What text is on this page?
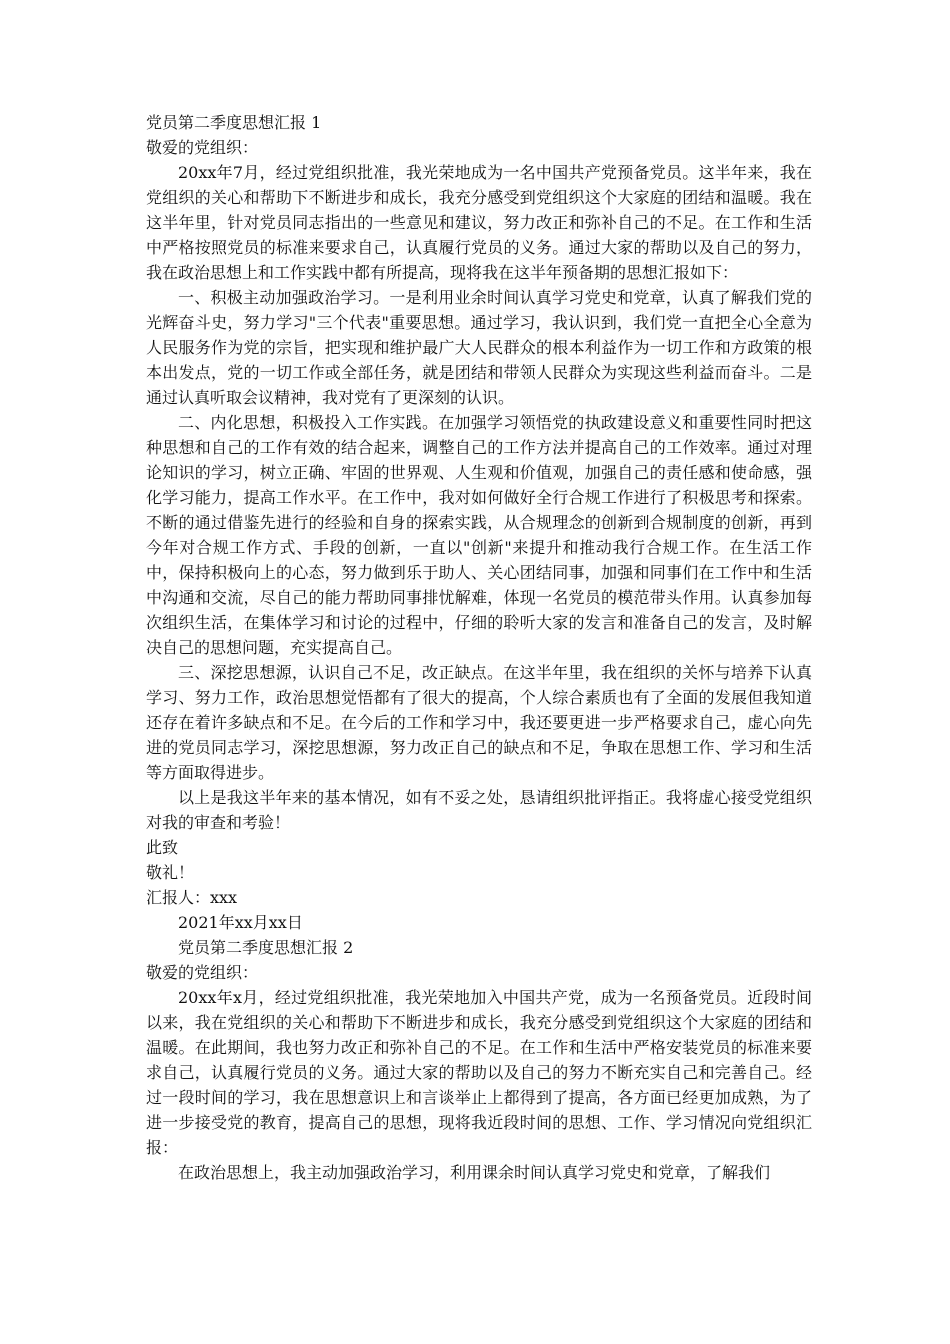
党员第二季度思想汇报 1

敬爱的党组织：

20xx年7月，经过党组织批准，我光荣地成为一名中国共产党预备党员。这半年来，我在党组织的关心和帮助下不断进步和成长，我充分感受到党组织这个大家庭的团结和温暖。我在这半年里，针对党员同志指出的一些意见和建议，努力改正和弥补自己的不足。在工作和生活中严格按照党员的标准来要求自己，认真履行党员的义务。通过大家的帮助以及自己的努力，我在政治思想上和工作实践中都有所提高，现将我在这半年预备期的思想汇报如下：

一、积极主动加强政治学习。一是利用业余时间认真学习党史和党章，认真了解我们党的光辉奋斗史，努力学习"三个代表"重要思想。通过学习，我认识到，我们党一直把全心全意为人民服务作为党的宗旨，把实现和维护最广大人民群众的根本利益作为一切工作和方政策的根本出发点，党的一切工作或全部任务，就是团结和带领人民群众为实现这些利益而奋斗。二是通过认真听取会议精神，我对党有了更深刻的认识。

二、内化思想，积极投入工作实践。在加强学习领悟党的执政建设意义和重要性同时把这种思想和自己的工作有效的结合起来，调整自己的工作方法并提高自己的工作效率。通过对理论知识的学习，树立正确、牢固的世界观、人生观和价值观，加强自己的责任感和使命感，强化学习能力，提高工作水平。在工作中，我对如何做好全行合规工作进行了积极思考和探索。不断的通过借鉴先进行的经验和自身的探索实践，从合规理念的创新到合规制度的创新，再到今年对合规工作方式、手段的创新，一直以"创新"来提升和推动我行合规工作。在生活工作中，保持积极向上的心态，努力做到乐于助人、关心团结同事，加强和同事们在工作中和生活中沟通和交流，尽自己的能力帮助同事排忧解难，体现一名党员的模范带头作用。认真参加每次组织生活，在集体学习和讨论的过程中，仔细的聆听大家的发言和准备自己的发言，及时解决自己的思想问题，充实提高自己。

三、深挖思想源，认识自己不足，改正缺点。在这半年里，我在组织的关怀与培养下认真学习、努力工作，政治思想觉悟都有了很大的提高，个人综合素质也有了全面的发展但我知道还存在着许多缺点和不足。在今后的工作和学习中，我还要更进一步严格要求自己，虚心向先进的党员同志学习，深挖思想源，努力改正自己的缺点和不足，争取在思想工作、学习和生活等方面取得进步。

以上是我这半年来的基本情况，如有不妥之处，恳请组织批评指正。我将虚心接受党组织对我的审查和考验！

此致

敬礼！

汇报人：xxx

2021年xx月xx日

党员第二季度思想汇报 2

敬爱的党组织：

20xx年x月，经过党组织批准，我光荣地加入中国共产党，成为一名预备党员。近段时间以来，我在党组织的关心和帮助下不断进步和成长，我充分感受到党组织这个大家庭的团结和温暖。在此期间，我也努力改正和弥补自己的不足。在工作和生活中严格安装党员的标准来要求自己，认真履行党员的义务。通过大家的帮助以及自己的努力不断充实自己和完善自己。经过一段时间的学习，我在思想意识上和言谈举止上都得到了提高，各方面已经更加成熟，为了进一步接受党的教育，提高自己的思想，现将我近段时间的思想、工作、学习情况向党组织汇报：

在政治思想上，我主动加强政治学习，利用课余时间认真学习党史和党章，了解我们
